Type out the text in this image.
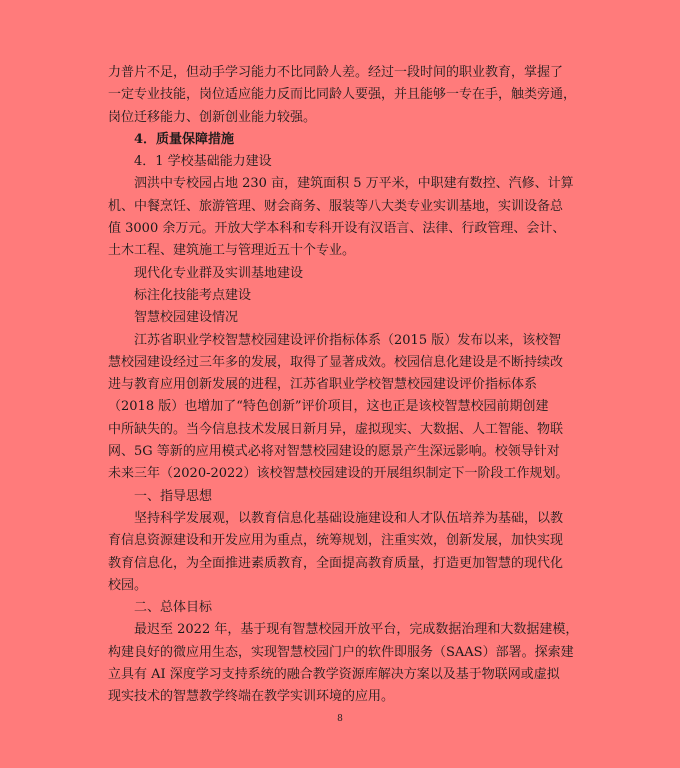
力普片不足，但动手学习能力不比同龄人差。经过一段时间的职业教育，掌握了
一定专业技能，岗位适应能力反而比同龄人要强，并且能够一专在手，触类旁通，
岗位迁移能力、创新创业能力较强。
4．质量保障措施
4．1 学校基础能力建设
泗洪中专校园占地 230 亩，建筑面积 5 万平米，中职建有数控、汽修、计算
机、中餐烹饪、旅游管理、财会商务、服装等八大类专业实训基地，实训设备总
值 3000 余万元。开放大学本科和专科开设有汉语言、法律、行政管理、会计、
土木工程、建筑施工与管理近五十个专业。
现代化专业群及实训基地建设
标注化技能考点建设
智慧校园建设情况
江苏省职业学校智慧校园建设评价指标体系（2015 版）发布以来，该校智
慧校园建设经过三年多的发展，取得了显著成效。校园信息化建设是不断持续改
进与教育应用创新发展的进程，江苏省职业学校智慧校园建设评价指标体系
（2018 版）也增加了“特色创新”评价项目，这也正是该校智慧校园前期创建
中所缺失的。当今信息技术发展日新月异，虚拟现实、大数据、人工智能、物联
网、5G 等新的应用模式必将对智慧校园建设的愿景产生深远影响。校领导针对
未来三年（2020-2022）该校智慧校园建设的开展组织制定下一阶段工作规划。
一、指导思想
坚持科学发展观，以教育信息化基础设施建设和人才队伍培养为基础，以教
育信息资源建设和开发应用为重点，统筹规划，注重实效，创新发展，加快实现
教育信息化，为全面推进素质教育，全面提高教育质量，打造更加智慧的现代化
校园。
二、总体目标
最迟至 2022 年，基于现有智慧校园开放平台，完成数据治理和大数据建模，
构建良好的微应用生态，实现智慧校园门户的软件即服务（SAAS）部署。探索建
立具有 AI 深度学习支持系统的融合教学资源库解决方案以及基于物联网或虚拟
现实技术的智慧教学终端在教学实训环境的应用。
8
